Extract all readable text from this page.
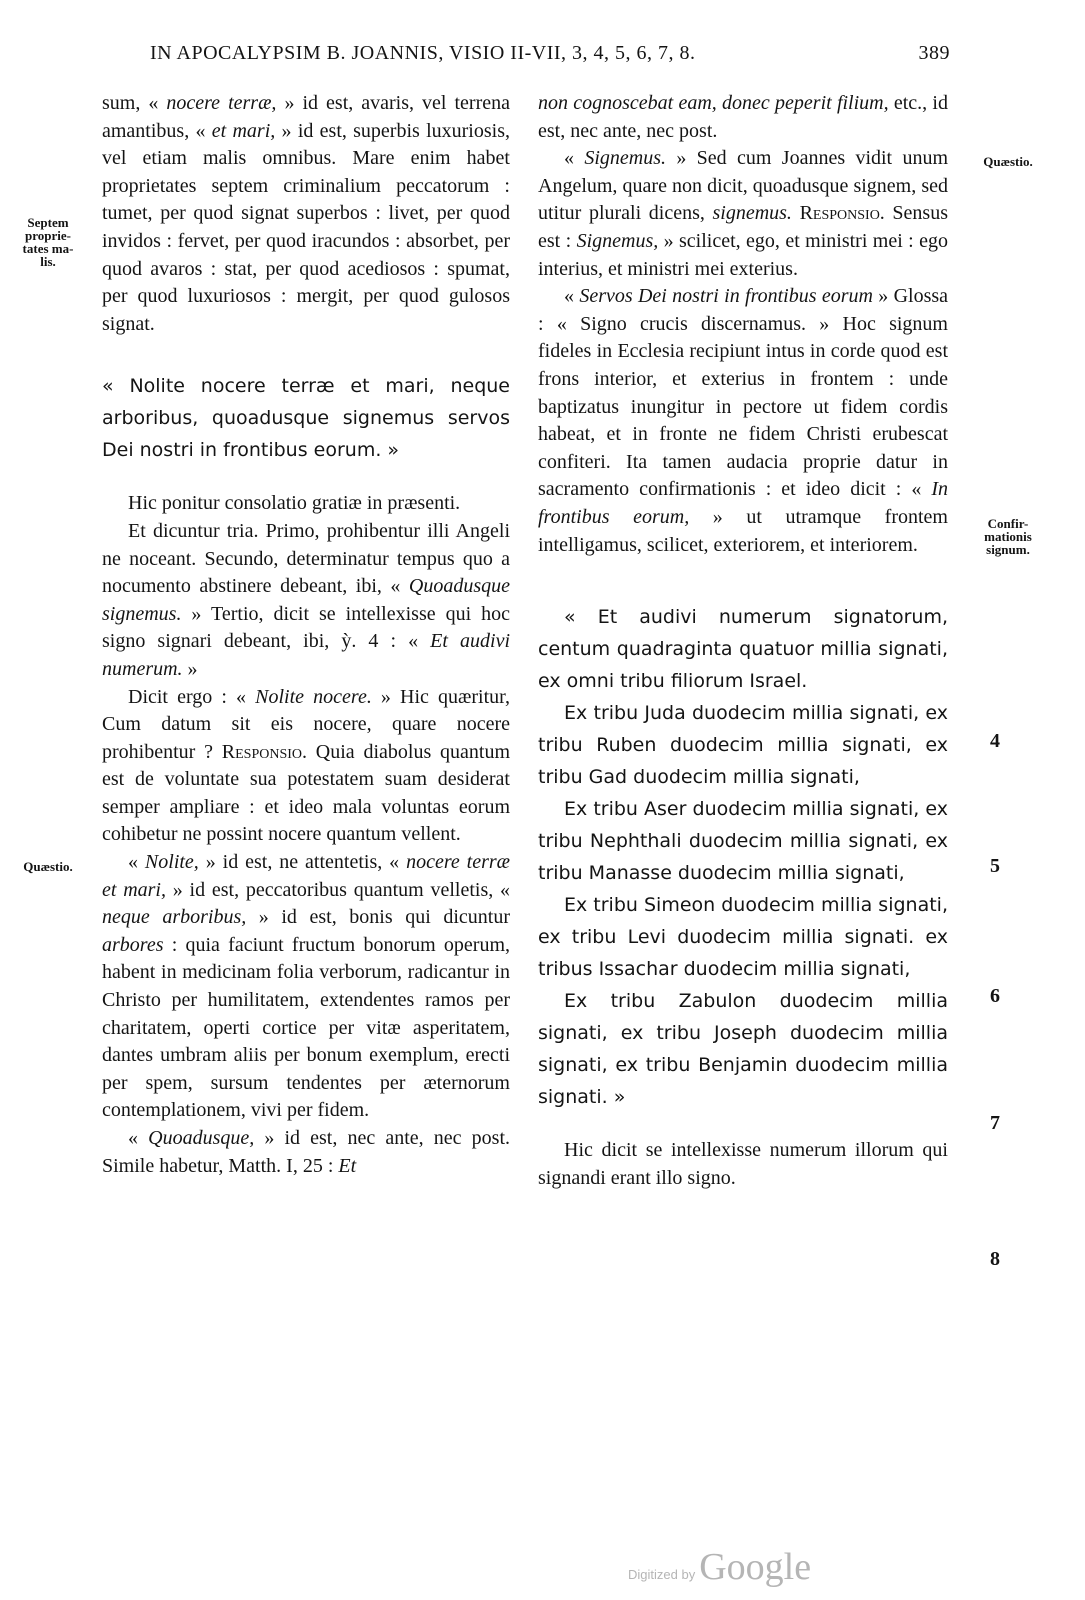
IN APOCALYPSIM B. JOANNIS, VISIO II-VII, 3, 4, 5, 6, 7, 8.	389
Septem
proprie-
tates ma-
lis.
Quæstio.
Quæstio.
Confir-
mationis
signum.
4
5
6
7
8

sum, « nocere terræ, » id est, avaris, vel terrena amantibus, « et mari, » id est, superbis luxuriosis, vel etiam malis omnibus. Mare enim habet proprietates septem criminalium peccatorum : tumet, per quod signat superbos : livet, per quod invidos : fervet, per quod iracundos : absorbet, per quod avaros : stat, per quod acediosos : spumat, per quod luxuriosos : mergit, per quod gulosos signat.

« Nolite nocere terræ et mari, neque arboribus, quoadusque signemus servos Dei nostri in frontibus eorum. »

Hic ponitur consolatio gratiæ in præsenti.

Et dicuntur tria. Primo, prohibentur illi Angeli ne noceant. Secundo, determinatur tempus quo a nocumento abstinere debeant, ibi, « Quoadusque signemus. » Tertio, dicit se intellexisse qui hoc signo signari debeant, ibi, ỳ. 4 : « Et audivi numerum. »

Dicit ergo : « Nolite nocere. » Hic quæritur, Cum datum sit eis nocere, quare nocere prohibentur ? Responsio. Quia diabolus quantum est de voluntate sua potestatem suam desiderat semper ampliare : et ideo mala voluntas eorum cohibetur ne possint nocere quantum vellent.

« Nolite, » id est, ne attentetis, « nocere terræ et mari, » id est, peccatoribus quantum velletis, « neque arboribus, » id est, bonis qui dicuntur arbores : quia faciunt fructum bonorum operum, habent in medicinam folia verborum, radicantur in Christo per humilitatem, extendentes ramos per charitatem, operti cortice per vitæ asperitatem, dantes umbram aliis per bonum exemplum, erecti per spem, sursum tendentes per æternorum contemplationem, vivi per fidem.

« Quoadusque, » id est, nec ante, nec post. Simile habetur, Matth. I, 25 : Et

non cognoscebat eam, donec peperit filium, etc., id est, nec ante, nec post.

« Signemus. » Sed cum Joannes vidit unum Angelum, quare non dicit, quoadusque signem, sed utitur plurali dicens, signemus. Responsio. Sensus est : Signemus, » scilicet, ego, et ministri mei : ego interius, et ministri mei exterius.

« Servos Dei nostri in frontibus eorum » Glossa : « Signo crucis discernamus. » Hoc signum fideles in Ecclesia recipiunt intus in corde quod est frons interior, et exterius in frontem : unde baptizatus inungitur in pectore ut fidem cordis habeat, et in fronte ne fidem Christi erubescat confiteri. Ita tamen audacia proprie datur in sacramento confirmationis : et ideo dicit : « In frontibus eorum, » ut utramque frontem intelligamus, scilicet, exteriorem, et interiorem.

« Et audivi numerum signatorum, centum quadraginta quatuor millia signati, ex omni tribu filiorum Israel.

Ex tribu Juda duodecim millia signati, ex tribu Ruben duodecim millia signati, ex tribu Gad duodecim millia signati,

Ex tribu Aser duodecim millia signati, ex tribu Nephthali duodecim millia signati, ex tribu Manasse duodecim millia signati,

Ex tribu Simeon duodecim millia signati, ex tribu Levi duodecim millia signati. ex tribus Issachar duodecim millia signati,

Ex tribu Zabulon duodecim millia signati, ex tribu Joseph duodecim millia signati, ex tribu Benjamin duodecim millia signati. »

Hic dicit se intellexisse numerum illorum qui signandi erant illo signo.

Digitized by Google
